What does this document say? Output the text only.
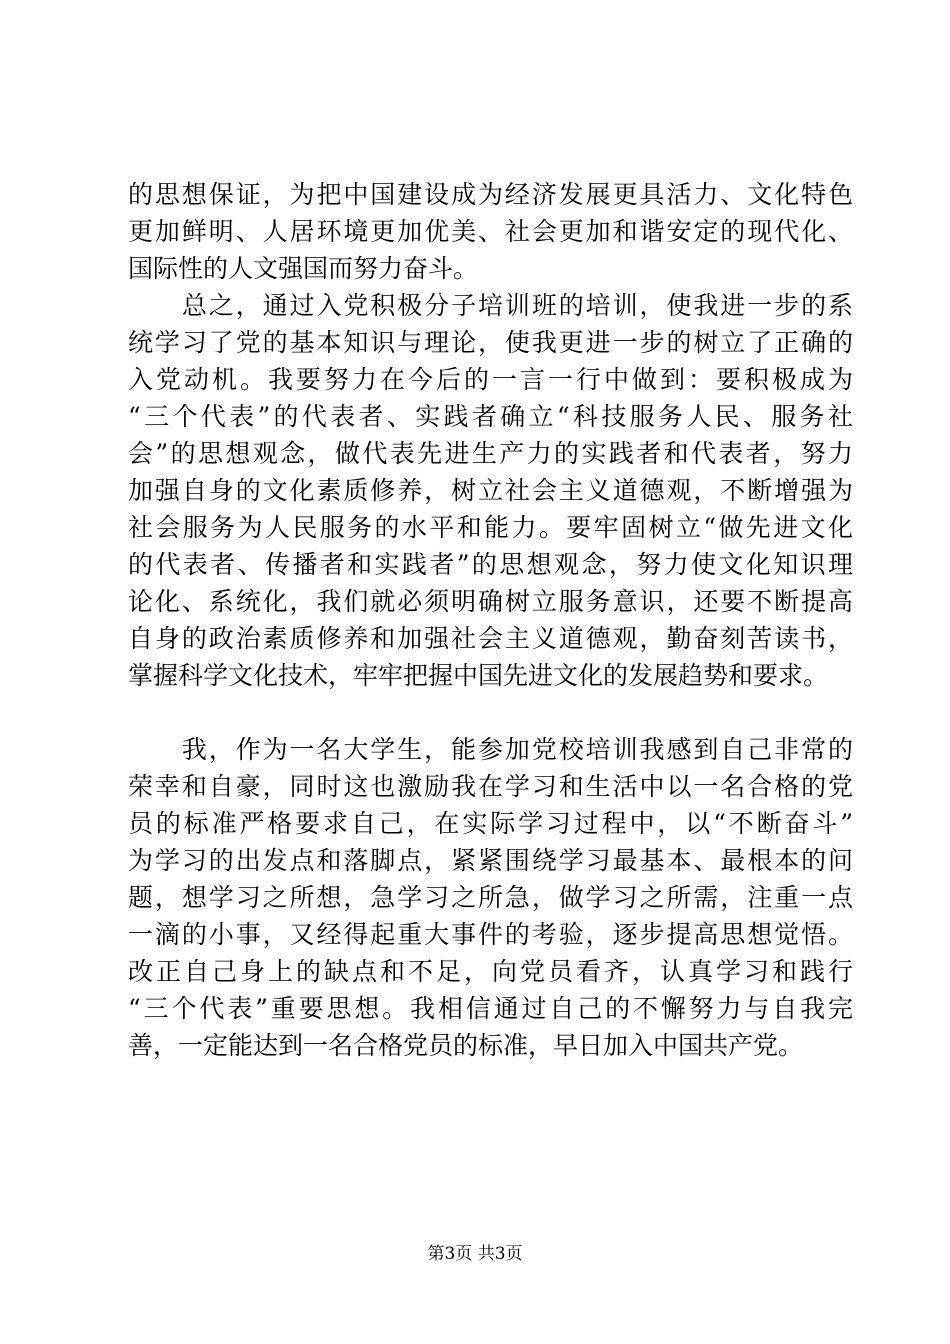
的思想保证，为把中国建设成为经济发展更具活力、文化特色
更加鲜明、人居环境更加优美、社会更加和谐安定的现代化、
国际性的人文强国而努力奋斗。
　　总之，通过入党积极分子培训班的培训，使我进一步的系
统学习了党的基本知识与理论，使我更进一步的树立了正确的
入党动机。我要努力在今后的一言一行中做到：要积极成为
“三个代表”的代表者、实践者确立“科技服务人民、服务社
会”的思想观念，做代表先进生产力的实践者和代表者，努力
加强自身的文化素质修养，树立社会主义道德观，不断增强为
社会服务为人民服务的水平和能力。要牢固树立“做先进文化
的代表者、传播者和实践者”的思想观念，努力使文化知识理
论化、系统化，我们就必须明确树立服务意识，还要不断提高
自身的政治素质修养和加强社会主义道德观，勤奋刻苦读书，
掌握科学文化技术，牢牢把握中国先进文化的发展趋势和要求。
　　我，作为一名大学生，能参加党校培训我感到自己非常的
荣幸和自豪，同时这也激励我在学习和生活中以一名合格的党
员的标准严格要求自己，在实际学习过程中，以“不断奋斗”
为学习的出发点和落脚点，紧紧围绕学习最基本、最根本的问
题，想学习之所想，急学习之所急，做学习之所需，注重一点
一滴的小事，又经得起重大事件的考验，逐步提高思想觉悟。
改正自己身上的缺点和不足，向党员看齐，认真学习和践行
“三个代表”重要思想。我相信通过自己的不懈努力与自我完
善，一定能达到一名合格党员的标准，早日加入中国共产党。
第3页 共3页
